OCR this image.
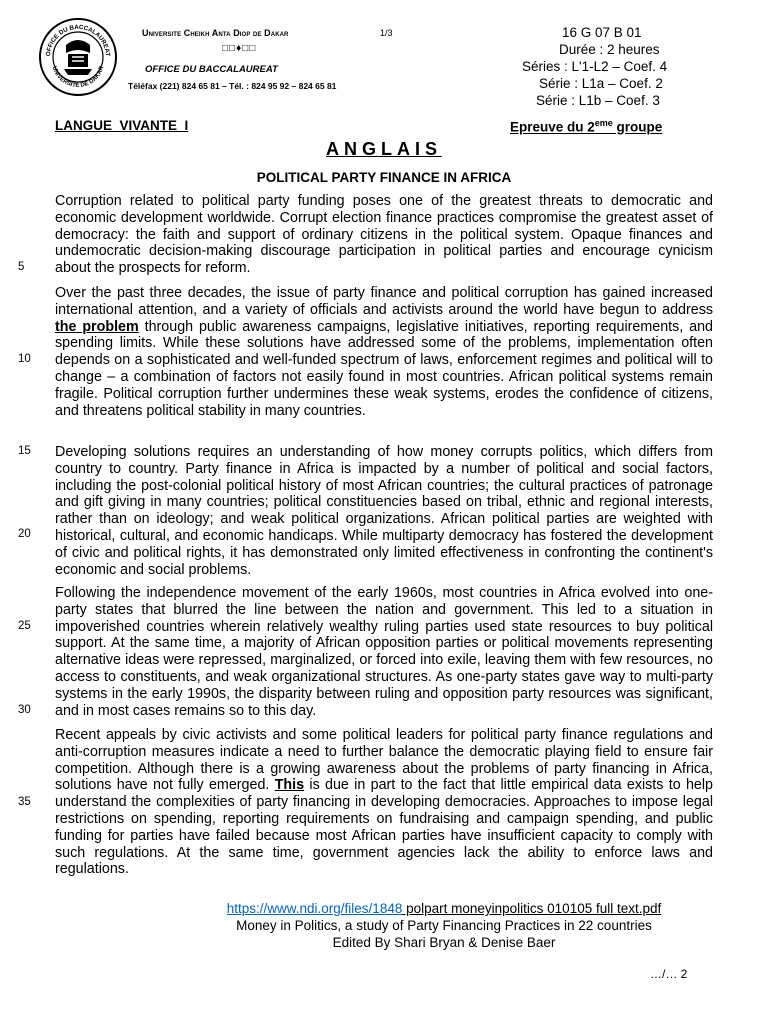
OFFICE DU BACCALAUREAT
UNIVERSITE DE DAKAR
Universite Cheikh Anta Diop de Dakar	1/3
□□♦□□
OFFICE DU BACCALAUREAT
Téléfax (221) 824 65 81 – Tél. : 824 95 92 – 824 65 81
16 G 07 B 01
Durée : 2 heures
Séries : L'1-L2 – Coef. 4
Série : L1a – Coef. 2
Série : L1b – Coef. 3
LANGUE  VIVANTE  I	Epreuve du 2eme groupe
ANGLAIS
POLITICAL PARTY FINANCE IN AFRICA

Corruption related to political party funding poses one of the greatest threats to democratic and economic development worldwide. Corrupt election finance practices compromise the greatest asset of democracy: the faith and support of ordinary citizens in the political system. Opaque finances and undemocratic decision-making discourage participation in political parties and encourage cynicism about the prospects for reform.

Over the past three decades, the issue of party finance and political corruption has gained increased international attention, and a variety of officials and activists around the world have begun to address the problem through public awareness campaigns, legislative initiatives, reporting requirements, and spending limits. While these solutions have addressed some of the problems, implementation often depends on a sophisticated and well-funded spectrum of laws, enforcement regimes and political will to change – a combination of factors not easily found in most countries. African political systems remain fragile. Political corruption further undermines these weak systems, erodes the confidence of citizens, and threatens political stability in many countries.

Developing solutions requires an understanding of how money corrupts politics, which differs from country to country. Party finance in Africa is impacted by a number of political and social factors, including the post-colonial political history of most African countries; the cultural practices of patronage and gift giving in many countries; political constituencies based on tribal, ethnic and regional interests, rather than on ideology; and weak political organizations. African political parties are weighted with historical, cultural, and economic handicaps. While multiparty democracy has fostered the development of civic and political rights, it has demonstrated only limited effectiveness in confronting the continent's economic and social problems.

Following the independence movement of the early 1960s, most countries in Africa evolved into one-party states that blurred the line between the nation and government. This led to a situation in impoverished countries wherein relatively wealthy ruling parties used state resources to buy political support. At the same time, a majority of African opposition parties or political movements representing alternative ideas were repressed, marginalized, or forced into exile, leaving them with few resources, no access to constituents, and weak organizational structures. As one-party states gave way to multi-party systems in the early 1990s, the disparity between ruling and opposition party resources was significant, and in most cases remains so to this day.

Recent appeals by civic activists and some political leaders for political party finance regulations and anti-corruption measures indicate a need to further balance the democratic playing field to ensure fair competition. Although there is a growing awareness about the problems of party financing in Africa, solutions have not fully emerged. This is due in part to the fact that little empirical data exists to help understand the complexities of party financing in developing democracies. Approaches to impose legal restrictions on spending, reporting requirements on fundraising and campaign spending, and public funding for parties have failed because most African parties have insufficient capacity to comply with such regulations. At the same time, government agencies lack the ability to enforce laws and regulations.

5
10
15
20
25
30
35
https://www.ndi.org/files/1848 polpart moneyinpolitics 010105 full text.pdf
Money in Politics, a study of Party Financing Practices in 22 countries
Edited By Shari Bryan & Denise Baer
…/… 2
